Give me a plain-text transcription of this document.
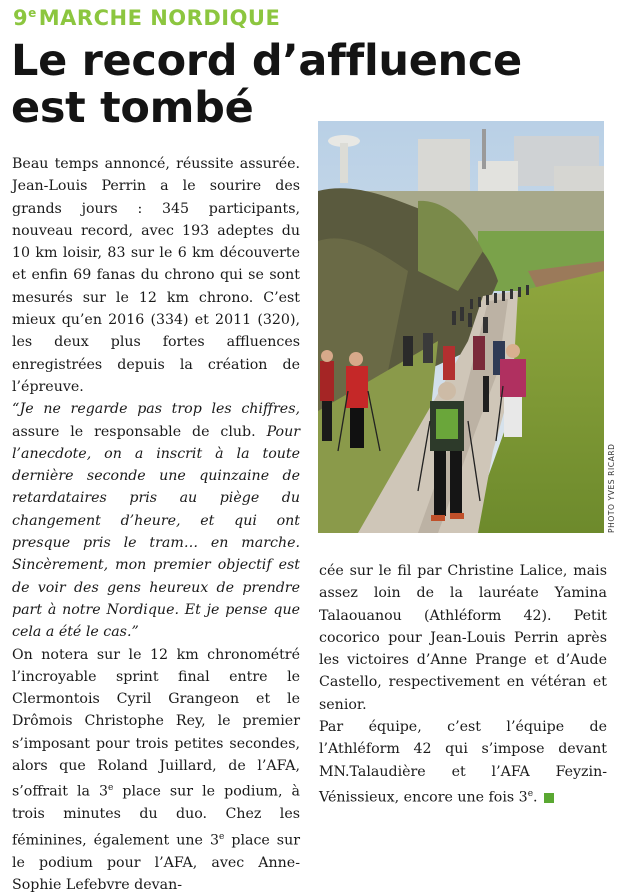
9eMARCHE NORDIQUE
Le record d’affluence
est tombé

Beau temps annoncé, réussite assurée. Jean-Louis Perrin a le sourire des grands jours : 345 participants, nouveau record, avec 193 adeptes du 10 km loisir, 83 sur le 6 km découverte et enfin 69 fanas du chrono qui se sont mesurés sur le 12 km chrono. C’est mieux qu’en 2016 (334) et 2011 (320), les deux plus fortes affluences enregistrées depuis la création de l’épreuve.

“Je ne regarde pas trop les chiffres, assure le responsable de club. Pour l’anecdote, on a inscrit à la toute dernière seconde une quinzaine de retardataires pris au piège du changement d’heure, et qui ont presque pris le tram… en marche. Sincèrement, mon premier objectif est de voir des gens heureux de prendre part à notre Nordique. Et je pense que cela a été le cas.”

On notera sur le 12 km chronométré l’incroyable sprint final entre le Clermontois Cyril Grangeon et le Drômois Christophe Rey, le premier s’imposant pour trois petites secondes, alors que Roland Juillard, de l’AFA, s’offrait la 3e place sur le podium, à trois minutes du duo. Chez les féminines, également une 3e place sur le podium pour l’AFA, avec Anne-Sophie Lefebvre devan-

PHOTO YVES RICARD

cée sur le fil par Christine Lalice, mais assez loin de la lauréate Yamina Talaouanou (Athléform 42). Petit cocorico pour Jean-Louis Perrin après les victoires d’Anne Prange et d’Aude Castello, respectivement en vétéran et senior.

Par équipe, c’est l’équipe de l’Athléform 42 qui s’impose devant MN.Talaudière et l’AFA Feyzin-Vénissieux, encore une fois 3e.
